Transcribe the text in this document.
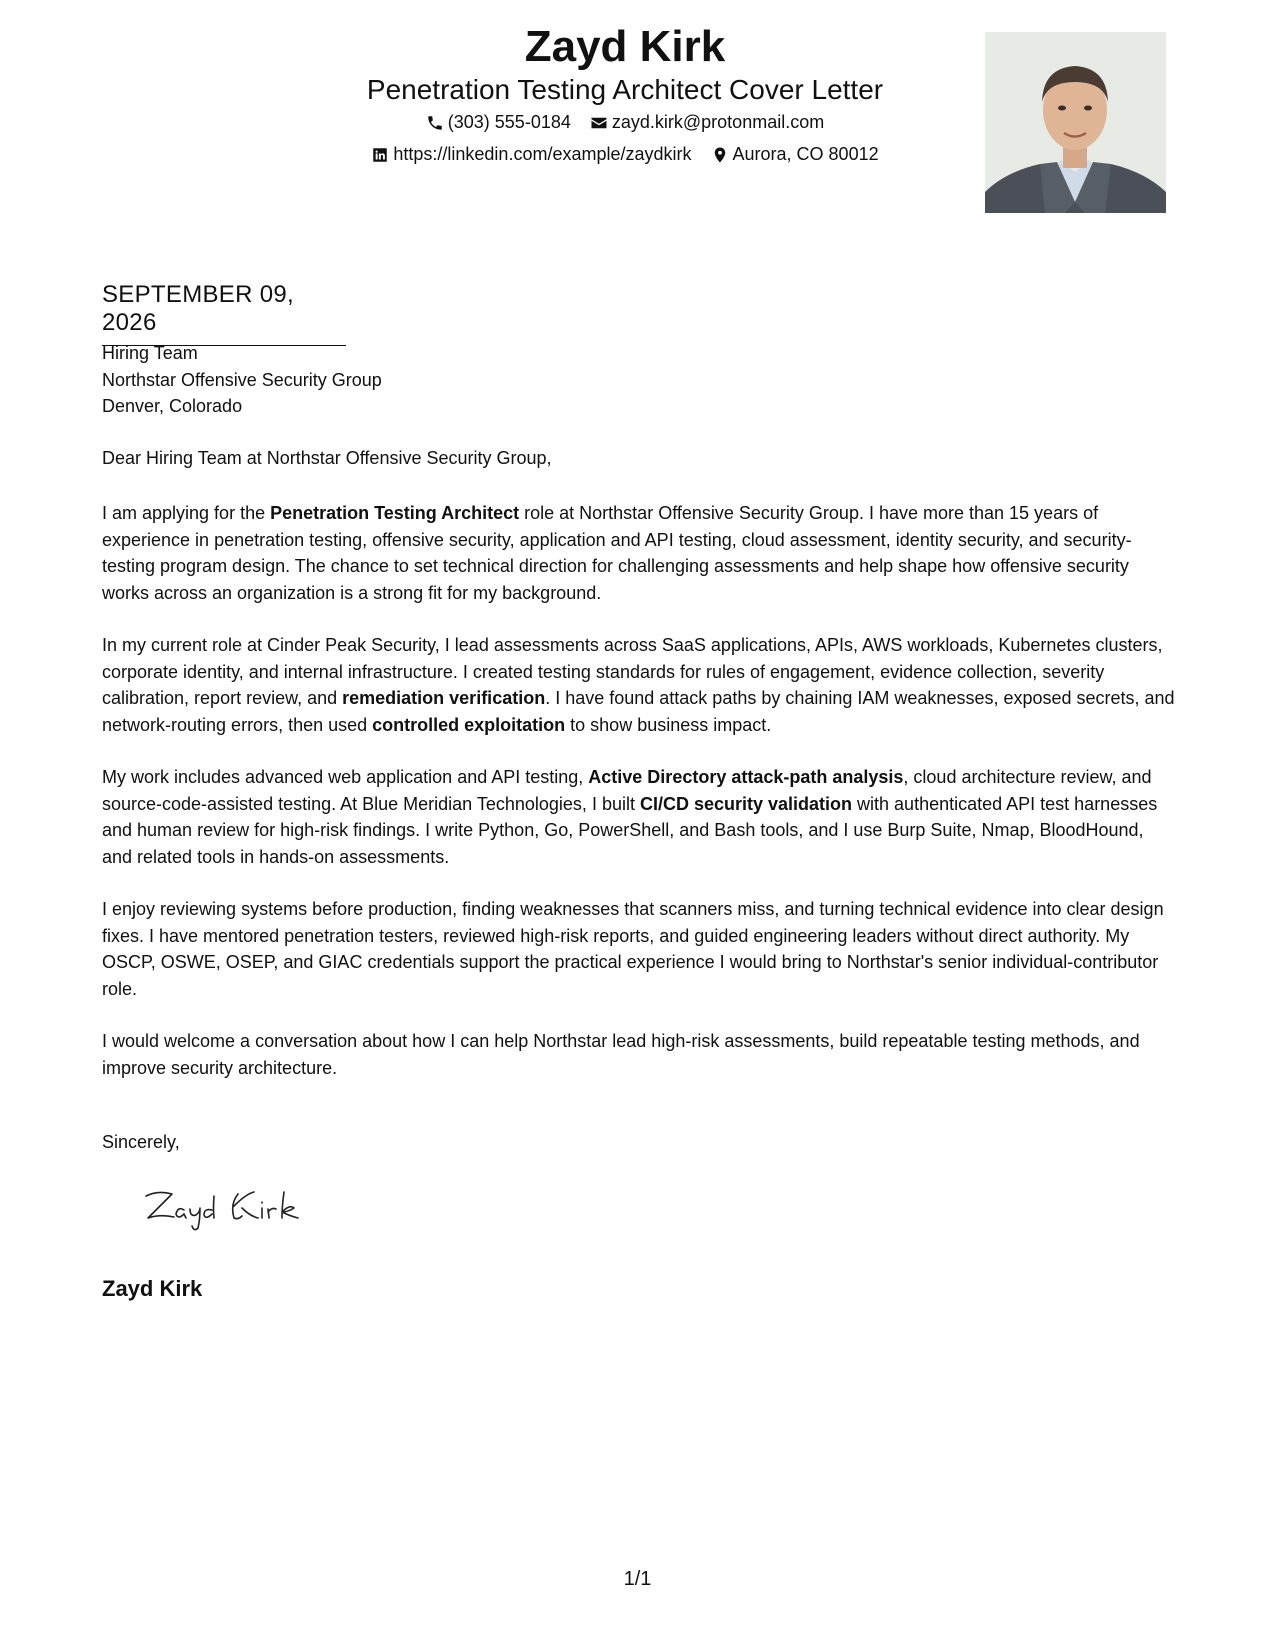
Zayd Kirk
Penetration Testing Architect Cover Letter
(303) 555-0184
zayd.kirk@protonmail.com
https://linkedin.com/example/zaydkirk
Aurora, CO 80012
SEPTEMBER 09, 2026
Hiring Team
Northstar Offensive Security Group
Denver, Colorado
Dear Hiring Team at Northstar Offensive Security Group,

I am applying for the Penetration Testing Architect role at Northstar Offensive Security Group. I have more than 15 years of experience in penetration testing, offensive security, application and API testing, cloud assessment, identity security, and security-testing program design. The chance to set technical direction for challenging assessments and help shape how offensive security works across an organization is a strong fit for my background.

In my current role at Cinder Peak Security, I lead assessments across SaaS applications, APIs, AWS workloads, Kubernetes clusters, corporate identity, and internal infrastructure. I created testing standards for rules of engagement, evidence collection, severity calibration, report review, and remediation verification. I have found attack paths by chaining IAM weaknesses, exposed secrets, and network-routing errors, then used controlled exploitation to show business impact.

My work includes advanced web application and API testing, Active Directory attack-path analysis, cloud architecture review, and source-code-assisted testing. At Blue Meridian Technologies, I built CI/CD security validation with authenticated API test harnesses and human review for high-risk findings. I write Python, Go, PowerShell, and Bash tools, and I use Burp Suite, Nmap, BloodHound, and related tools in hands-on assessments.

I enjoy reviewing systems before production, finding weaknesses that scanners miss, and turning technical evidence into clear design fixes. I have mentored penetration testers, reviewed high-risk reports, and guided engineering leaders without direct authority. My OSCP, OSWE, OSEP, and GIAC credentials support the practical experience I would bring to Northstar's senior individual-contributor role.

I would welcome a conversation about how I can help Northstar lead high-risk assessments, build repeatable testing methods, and improve security architecture.

Sincerely,
Zayd Kirk
1/1
